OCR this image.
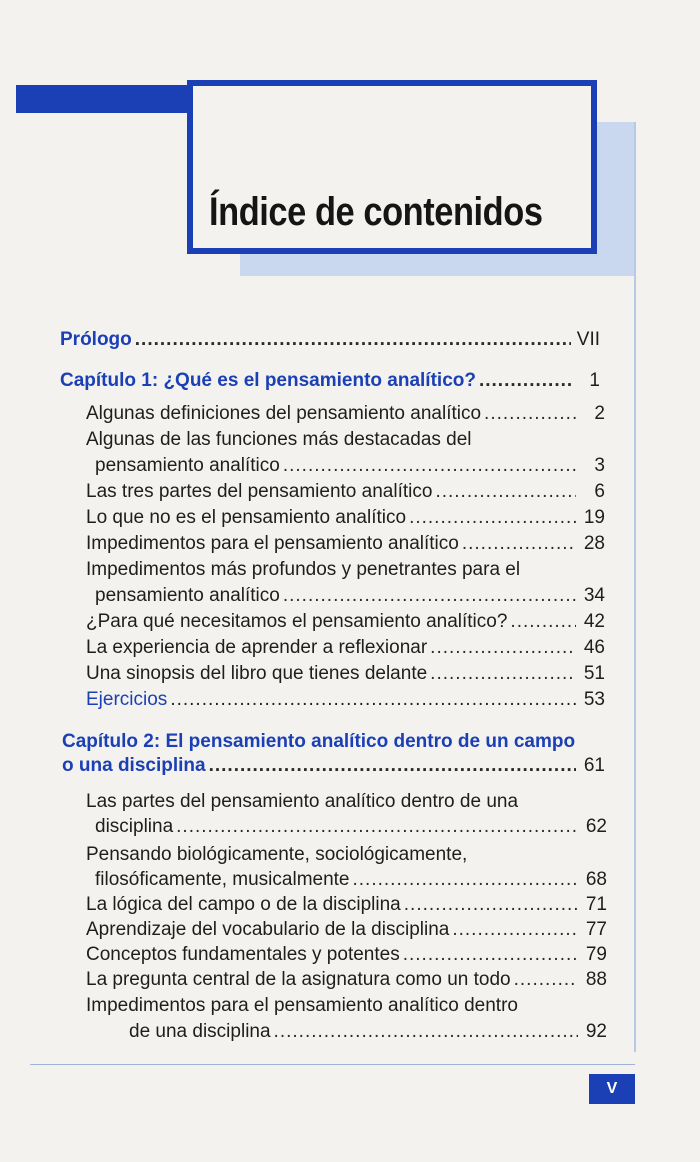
Índice de contenidos
Prólogo .....	VII
Capítulo 1: ¿Qué es el pensamiento analítico? .....	1
Algunas definiciones del pensamiento analítico .....	2
Algunas de las funciones más destacadas del
pensamiento analítico .....	3
Las tres partes del pensamiento analítico .....	6
Lo que no es el pensamiento analítico .....	19
Impedimentos para el pensamiento analítico .....	28
Impedimentos más profundos y penetrantes para el
pensamiento analítico .....	34
¿Para qué necesitamos el pensamiento analítico? .....	42
La experiencia de aprender a reflexionar .....	46
Una sinopsis del libro que tienes delante .....	51
Ejercicios .....	53
Capítulo 2: El pensamiento analítico dentro de un campo
o una disciplina .....	61
Las partes del pensamiento analítico dentro de una
disciplina .....	62
Pensando biológicamente, sociológicamente,
filosóficamente, musicalmente .....	68
La lógica del campo o de la disciplina .....	71
Aprendizaje del vocabulario de la disciplina .....	77
Conceptos fundamentales y potentes .....	79
La pregunta central de la asignatura como un todo .....	88
Impedimentos para el pensamiento analítico dentro
de una disciplina .....	92
V
